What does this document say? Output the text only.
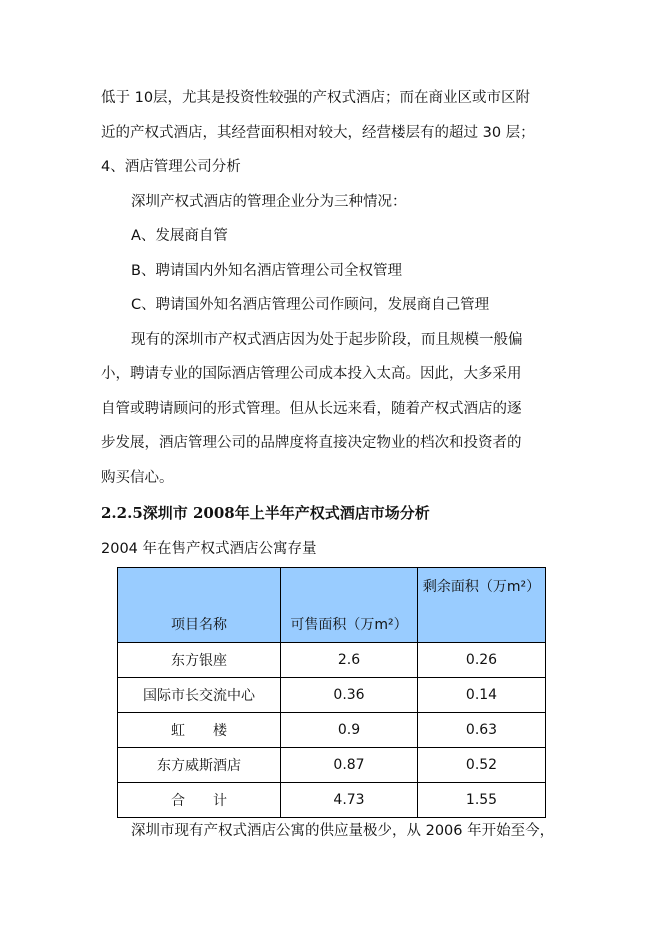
低于 10层，尤其是投资性较强的产权式酒店；而在商业区或市区附
近的产权式酒店，其经营面积相对较大，经营楼层有的超过 30 层；
4、酒店管理公司分析
深圳产权式酒店的管理企业分为三种情况：
A、发展商自管
B、聘请国内外知名酒店管理公司全权管理
C、聘请国外知名酒店管理公司作顾问，发展商自己管理
现有的深圳市产权式酒店因为处于起步阶段，而且规模一般偏
小，聘请专业的国际酒店管理公司成本投入太高。因此，大多采用
自管或聘请顾问的形式管理。但从长远来看，随着产权式酒店的逐
步发展，酒店管理公司的品牌度将直接决定物业的档次和投资者的
购买信心。
2.2.5深圳市 2008年上半年产权式酒店市场分析
2004 年在售产权式酒店公寓存量
项目名称	可售面积（万m²）	剩余面积（万m²）
东方银座	2.6	0.26
国际市长交流中心	0.36	0.14
虹　　楼	0.9	0.63
东方威斯酒店	0.87	0.52
合　　计	4.73	1.55
深圳市现有产权式酒店公寓的供应量极少，从 2006 年开始至今，
